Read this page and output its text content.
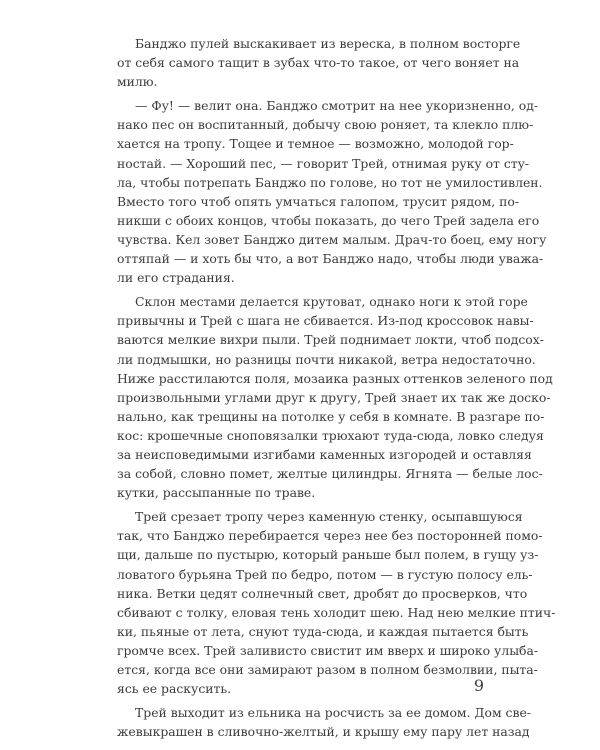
Банджо пулей выскакивает из вереска, в полном восторге
от себя самого тащит в зубах что-то такое, от чего воняет на
милю.
— Фу! — велит она. Банджо смотрит на нее укоризненно, од-
нако пес он воспитанный, добычу свою роняет, та клекло плю-
хается на тропу. Тощее и темное — возможно, молодой гор-
ностай. — Хороший пес, — говорит Трей, отнимая руку от сту-
ла, чтобы потрепать Банджо по голове, но тот не умилостивлен.
Вместо того чтоб опять умчаться галопом, трусит рядом, по-
никши с обоих концов, чтобы показать, до чего Трей задела его
чувства. Кел зовет Банджо дитем малым. Драч-то боец, ему ногу
оттяпай — и хоть бы что, а вот Банджо надо, чтобы люди уважа-
ли его страдания.
Склон местами делается крутоват, однако ноги к этой горе
привычны и Трей с шага не сбивается. Из-под кроссовок навы-
ваются мелкие вихри пыли. Трей поднимает локти, чтоб подсох-
ли подмышки, но разницы почти никакой, ветра недостаточно.
Ниже расстилаются поля, мозаика разных оттенков зеленого под
произвольными углами друг к другу, Трей знает их так же доско-
нально, как трещины на потолке у себя в комнате. В разгаре по-
кос: крошечные сноповязалки трюхают туда-сюда, ловко следуя
за неисповедимыми изгибами каменных изгородей и оставляя
за собой, словно помет, желтые цилиндры. Ягнята — белые лос-
кутки, рассыпанные по траве.
Трей срезает тропу через каменную стенку, осыпавшуюся
так, что Банджо перебирается через нее без посторонней помо-
щи, дальше по пустырю, который раньше был полем, в гущу уз-
ловатого бурьяна Трей по бедро, потом — в густую полосу ель-
ника. Ветки цедят солнечный свет, дробят до просверков, что
сбивают с толку, еловая тень холодит шею. Над нею мелкие птич-
ки, пьяные от лета, снуют туда-сюда, и каждая пытается быть
громче всех. Трей заливисто свистит им вверх и широко улыба-
ется, когда все они замирают разом в полном безмолвии, пыта-
ясь ее раскусить.
Трей выходит из ельника на росчисть за ее домом. Дом све-
жевыкрашен в сливочно-желтый, и крышу ему пару лет назад
9
